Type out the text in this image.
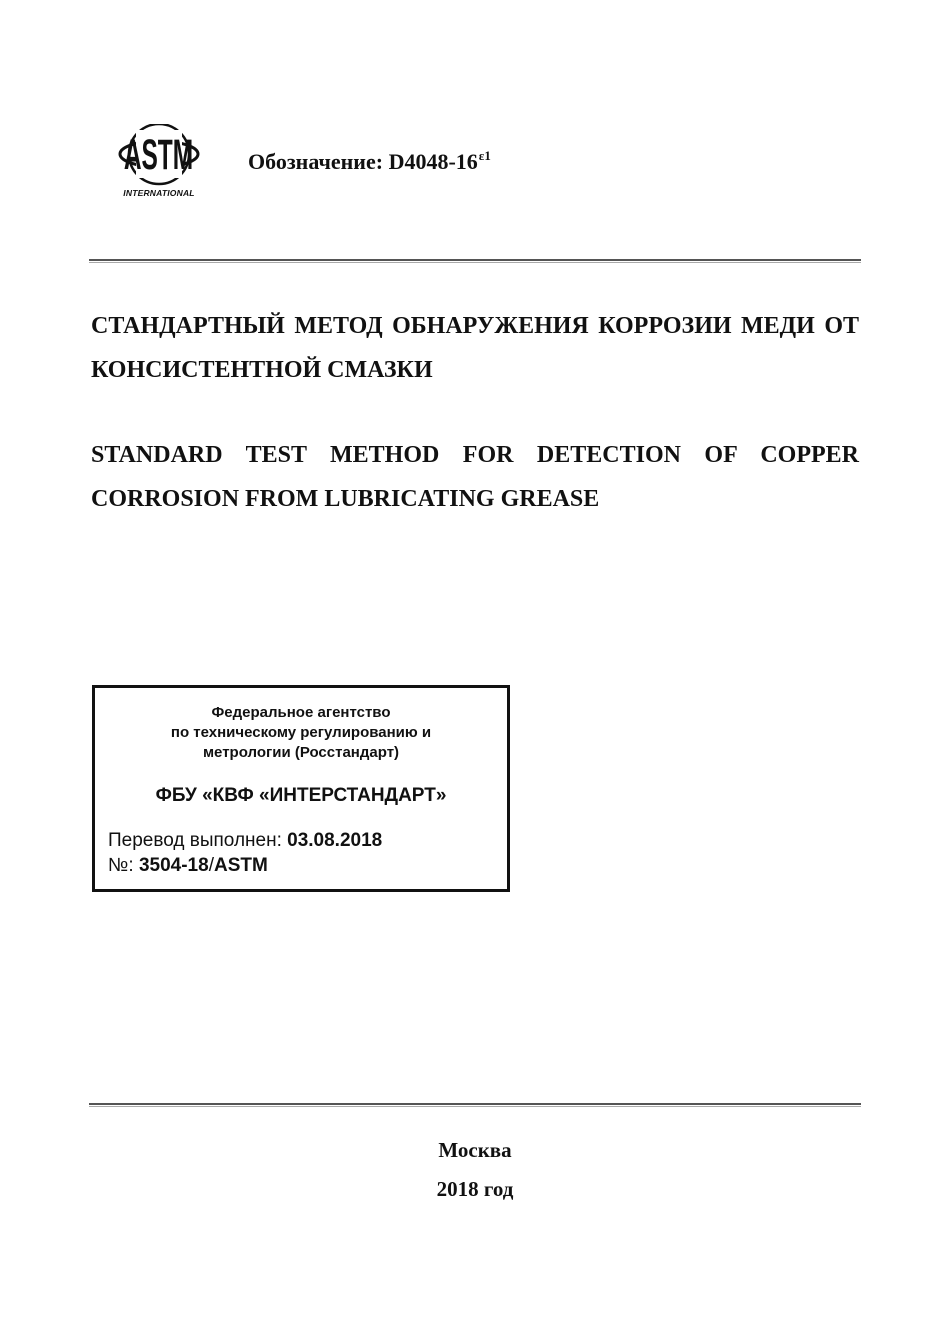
ASTM
INTERNATIONAL
Обозначение: $D4048-16^{\varepsilon 1}$
СТАНДАРТНЫЙ МЕТОД ОБНАРУЖЕНИЯ КОРРОЗИИ МЕДИ ОТ КОНСИСТЕНТНОЙ СМАЗКИ
STANDARD TEST METHOD FOR DETECTION OF COPPER CORROSION FROM LUBRICATING GREASE
Федеральное агентство
по техническому регулированию и
метрологии (Росстандарт)
ФБУ «КВФ «ИНТЕРСТАНДАРТ»
Перевод выполнен: 03.08.2018
№: 3504-18/ASTM
Москва
2018 год
